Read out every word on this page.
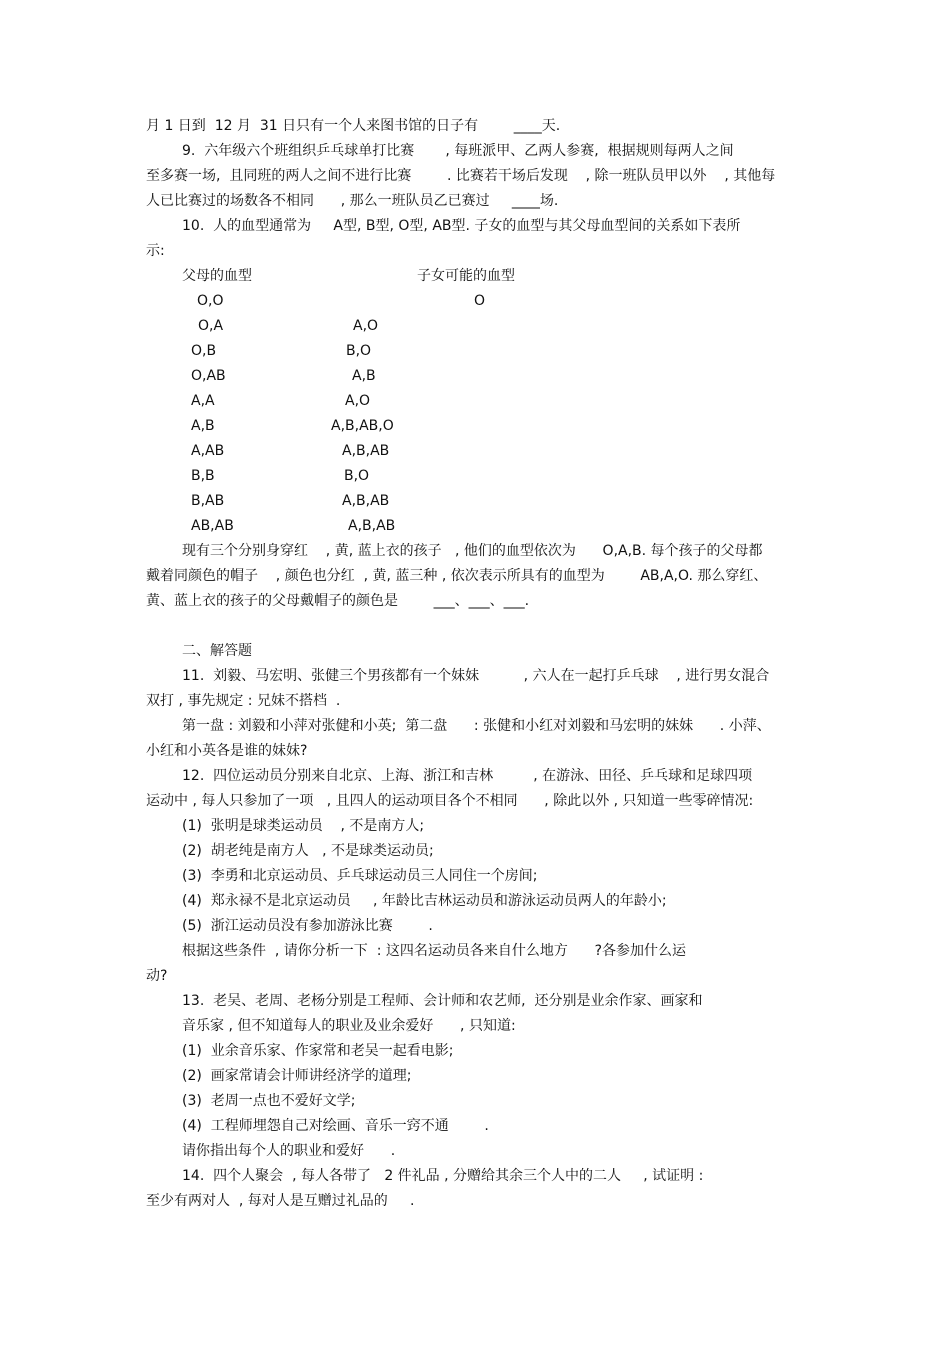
月 1 日到  12 月  31 日只有一个人来图书馆的日子有        ____天.
9.  六年级六个班组织乒乓球单打比赛       , 每班派甲、乙两人参赛,  根据规则每两人之间
至多赛一场,  且同班的两人之间不进行比赛        . 比赛若干场后发现    , 除一班队员甲以外    , 其他每
人已比赛过的场数各不相同      , 那么一班队员乙已赛过     ____场.
10.  人的血型通常为     A型, B型, O型, AB型. 子女的血型与其父母血型间的关系如下表所
示:
现有三个分别身穿红    , 黄, 蓝上衣的孩子   , 他们的血型依次为      O,A,B. 每个孩子的父母都
戴着同颜色的帽子    , 颜色也分红  , 黄, 蓝三种 , 依次表示所具有的血型为        AB,A,O. 那么穿红、
黄、蓝上衣的孩子的父母戴帽子的颜色是        ___、___、___.
二、解答题
11.  刘毅、马宏明、张健三个男孩都有一个妹妹          , 六人在一起打乒乓球    , 进行男女混合
双打 , 事先规定 : 兄妹不搭档  .
第一盘 : 刘毅和小萍对张健和小英;  第二盘      : 张健和小红对刘毅和马宏明的妹妹      . 小萍、
小红和小英各是谁的妹妹?
12.  四位运动员分别来自北京、上海、浙江和吉林         , 在游泳、田径、乒乓球和足球四项
运动中 , 每人只参加了一项   , 且四人的运动项目各个不相同      , 除此以外 , 只知道一些零碎情况:
(1)  张明是球类运动员    , 不是南方人;
(2)  胡老纯是南方人   , 不是球类运动员;
(3)  李勇和北京运动员、乒乓球运动员三人同住一个房间;
(4)  郑永禄不是北京运动员     , 年龄比吉林运动员和游泳运动员两人的年龄小;
(5)  浙江运动员没有参加游泳比赛        .
根据这些条件  , 请你分析一下  : 这四名运动员各来自什么地方      ?各参加什么运
动?
13.  老吴、老周、老杨分别是工程师、会计师和农艺师,  还分别是业余作家、画家和
音乐家 , 但不知道每人的职业及业余爱好      , 只知道:
(1)  业余音乐家、作家常和老吴一起看电影;
(2)  画家常请会计师讲经济学的道理;
(3)  老周一点也不爱好文学;
(4)  工程师埋怨自己对绘画、音乐一窍不通        .
请你指出每个人的职业和爱好      .
14.  四个人聚会  , 每人各带了   2 件礼品 , 分赠给其余三个人中的二人     , 试证明 :
至少有两对人  , 每对人是互赠过礼品的     .
父母的血型	子女可能的血型
O,O	O
O,A	A,O
O,B	B,O
O,AB	A,B
A,A	A,O
A,B	A,B,AB,O
A,AB	A,B,AB
B,B	B,O
B,AB	A,B,AB
AB,AB	A,B,AB
